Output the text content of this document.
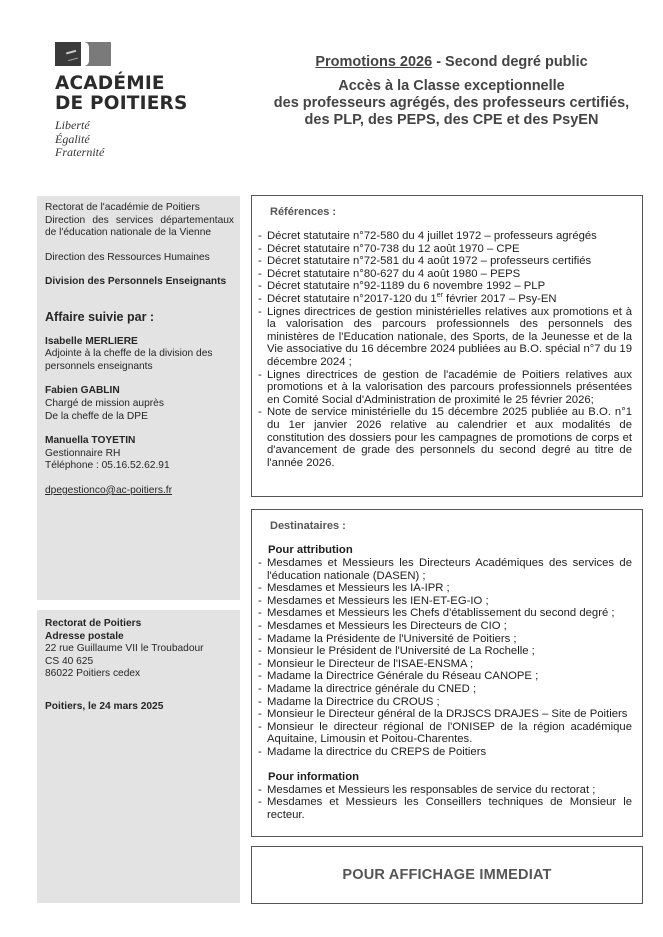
ACADÉMIE
DE POITIERS
Liberté
Égalité
Fraternité
Promotions 2026 - Second degré public
Accès à la Classe exceptionnelle
des professeurs agrégés, des professeurs certifiés,
des PLP, des PEPS, des CPE et des PsyEN

Rectorat de l'académie de Poitiers

Direction des services départementaux de l'éducation nationale de la Vienne

Direction des Ressources Humaines

Division des Personnels Enseignants

Affaire suivie par :

Isabelle MERLIERE

Adjointe à la cheffe de la division des personnels enseignants

Fabien GABLIN

Chargé de mission auprès

De la cheffe de la DPE

Manuella TOYETIN

Gestionnaire RH

Téléphone : 05.16.52.62.91

dpegestionco@ac-poitiers.fr

Rectorat de Poitiers

Adresse postale

22 rue Guillaume VII le Troubadour

CS 40 625

86022 Poitiers cedex

Poitiers, le 24 mars 2025

Références :
- Décret statutaire n°72-580 du 4 juillet 1972 – professeurs agrégés
- Décret statutaire n°70-738 du 12 août 1970 – CPE
- Décret statutaire n°72-581 du 4 août 1972 – professeurs certifiés
- Décret statutaire n°80-627 du 4 août 1980 – PEPS
- Décret statutaire n°92-1189 du 6 novembre 1992 – PLP
- Décret statutaire n°2017-120 du 1er février 2017 – Psy-EN
- Lignes directrices de gestion ministérielles relatives aux promotions et à la valorisation des parcours professionnels des personnels des ministères de l'Education nationale, des Sports, de la Jeunesse et de la Vie associative du 16 décembre 2024 publiées au B.O. spécial n°7 du 19 décembre 2024 ;
- Lignes directrices de gestion de l'académie de Poitiers relatives aux promotions et à la valorisation des parcours professionnels présentées en Comité Social d'Administration de proximité le 25 février 2026;
- Note de service ministérielle du 15 décembre 2025 publiée au B.O. n°1 du 1er janvier 2026 relative au calendrier et aux modalités de constitution des dossiers pour les campagnes de promotions de corps et d'avancement de grade des personnels du second degré au titre de l'année 2026.
Destinataires :
Pour attribution
- Mesdames et Messieurs les Directeurs Académiques des services de l'éducation nationale (DASEN) ;
- Mesdames et Messieurs les IA-IPR ;
- Mesdames et Messieurs les IEN-ET-EG-IO ;
- Mesdames et Messieurs les Chefs d'établissement du second degré ;
- Mesdames et Messieurs les Directeurs de CIO ;
- Madame la Présidente de l'Université de Poitiers ;
- Monsieur le Président de l'Université de La Rochelle ;
- Monsieur le Directeur de l'ISAE-ENSMA ;
- Madame la Directrice Générale du Réseau CANOPE ;
- Madame la directrice générale du CNED ;
- Madame la Directrice du CROUS ;
- Monsieur le Directeur général de la DRJSCS DRAJES – Site de Poitiers
- Monsieur le directeur régional de l'ONISEP de la région académique Aquitaine, Limousin et Poitou-Charentes.
- Madame la directrice du CREPS de Poitiers
Pour information
- Mesdames et Messieurs les responsables de service du rectorat ;
- Mesdames et Messieurs les Conseillers techniques de Monsieur le recteur.
POUR AFFICHAGE IMMEDIAT
